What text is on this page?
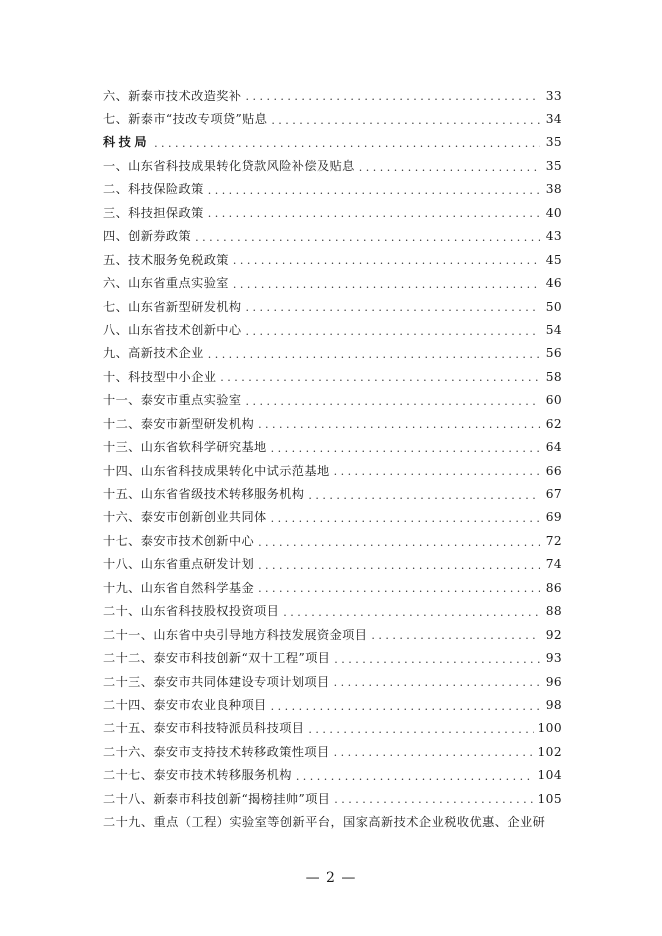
六、新泰市技术改造奖补 . . .	33
七、新泰市“技改专项贷”贴息 . . .	34
科技局 . . .	35
一、山东省科技成果转化贷款风险补偿及贴息 . . .	35
二、科技保险政策 . . .	38
三、科技担保政策 . . .	40
四、创新券政策 . . .	43
五、技术服务免税政策 . . .	45
六、山东省重点实验室 . . .	46
七、山东省新型研发机构 . . .	50
八、山东省技术创新中心 . . .	54
九、高新技术企业 . . .	56
十、科技型中小企业 . . .	58
十一、泰安市重点实验室 . . .	60
十二、泰安市新型研发机构 . . .	62
十三、山东省软科学研究基地 . . .	64
十四、山东省科技成果转化中试示范基地 . . .	66
十五、山东省省级技术转移服务机构 . . .	67
十六、泰安市创新创业共同体 . . .	69
十七、泰安市技术创新中心 . . .	72
十八、山东省重点研发计划 . . .	74
十九、山东省自然科学基金 . . .	86
二十、山东省科技股权投资项目 . . .	88
二十一、山东省中央引导地方科技发展资金项目 . . .	92
二十二、泰安市科技创新“双十工程”项目 . . .	93
二十三、泰安市共同体建设专项计划项目 . . .	96
二十四、泰安市农业良种项目 . . .	98
二十五、泰安市科技特派员科技项目 . . .	100
二十六、泰安市支持技术转移政策性项目 . . .	102
二十七、泰安市技术转移服务机构 . . .	104
二十八、新泰市科技创新“揭榜挂帅”项目 . . .	105
二十九、重点（工程）实验室等创新平台，国家高新技术企业税收优惠、企业研
— 2 —
